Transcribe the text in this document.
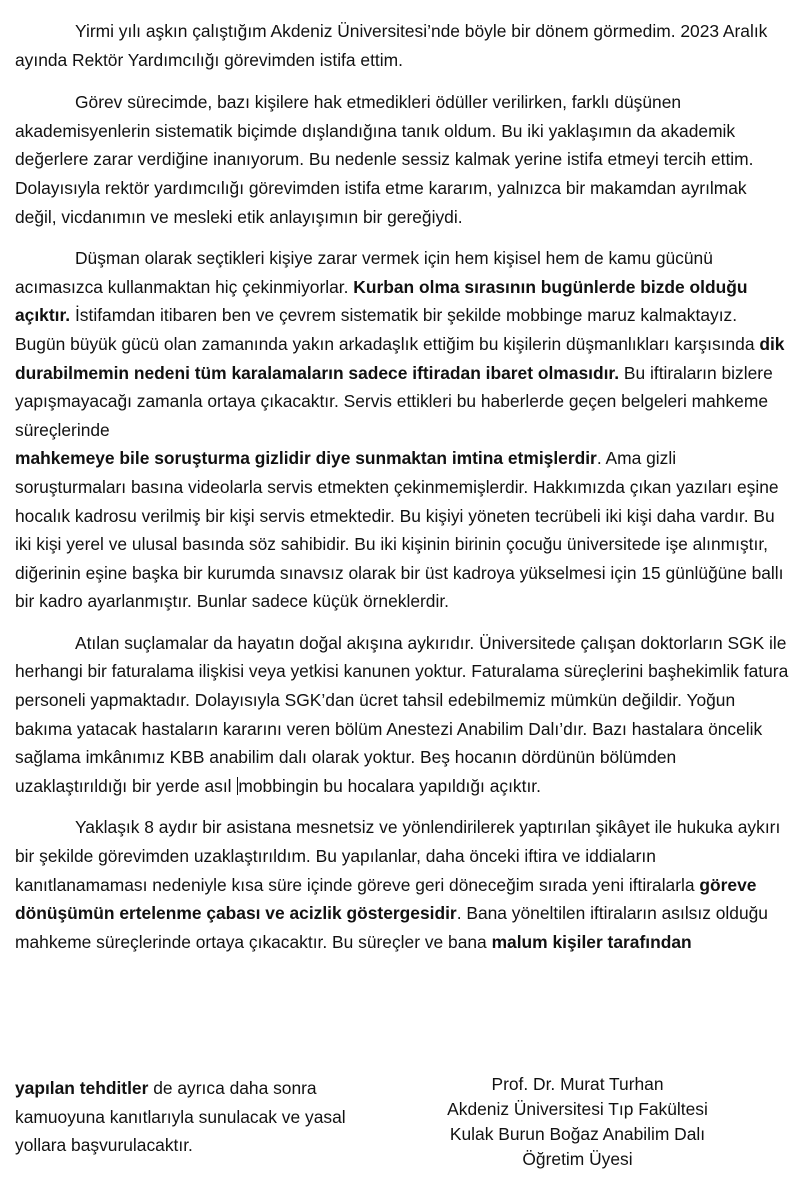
Yirmi yılı aşkın çalıştığım Akdeniz Üniversitesi’nde böyle bir dönem görmedim. 2023 Aralık ayında Rektör Yardımcılığı görevimden istifa ettim.

Görev sürecimde, bazı kişilere hak etmedikleri ödüller verilirken, farklı düşünen akademisyenlerin sistematik biçimde dışlandığına tanık oldum. Bu iki yaklaşımın da akademik değerlere zarar verdiğine inanıyorum. Bu nedenle sessiz kalmak yerine istifa etmeyi tercih ettim. Dolayısıyla rektör yardımcılığı görevimden istifa etme kararım, yalnızca bir makamdan ayrılmak değil, vicdanımın ve mesleki etik anlayışımın bir gereğiydi.

Düşman olarak seçtikleri kişiye zarar vermek için hem kişisel hem de kamu gücünü acımasızca kullanmaktan hiç çekinmiyorlar. Kurban olma sırasının bugünlerde bizde olduğu açıktır. İstifamdan itibaren ben ve çevrem sistematik bir şekilde mobbinge maruz kalmaktayız. Bugün büyük gücü olan zamanında yakın arkadaşlık ettiğim bu kişilerin düşmanlıkları karşısında dik durabilmemin nedeni tüm karalamaların sadece iftiradan ibaret olmasıdır. Bu iftiraların bizlere yapışmayacağı zamanla ortaya çıkacaktır. Servis ettikleri bu haberlerde geçen belgeleri mahkeme süreçlerinde
mahkemeye bile soruşturma gizlidir diye sunmaktan imtina etmişlerdir. Ama gizli soruşturmaları basına videolarla servis etmekten çekinmemişlerdir. Hakkımızda çıkan yazıları eşine hocalık kadrosu verilmiş bir kişi servis etmektedir. Bu kişiyi yöneten tecrübeli iki kişi daha vardır. Bu iki kişi yerel ve ulusal basında söz sahibidir. Bu iki kişinin birinin çocuğu üniversitede işe alınmıştır, diğerinin eşine başka bir kurumda sınavsız olarak bir üst kadroya yükselmesi için 15 günlüğüne ballı bir kadro ayarlanmıştır. Bunlar sadece küçük örneklerdir.

Atılan suçlamalar da hayatın doğal akışına aykırıdır. Üniversitede çalışan doktorların SGK ile herhangi bir faturalama ilişkisi veya yetkisi kanunen yoktur. Faturalama süreçlerini başhekimlik fatura personeli yapmaktadır. Dolayısıyla SGK’dan ücret tahsil edebilmemiz mümkün değildir. Yoğun bakıma yatacak hastaların kararını veren bölüm Anestezi Anabilim Dalı’dır. Bazı hastalara öncelik sağlama imkânımız KBB anabilim dalı olarak yoktur. Beş hocanın dördünün bölümden uzaklaştırıldığı bir yerde asıl mobbingin bu hocalara yapıldığı açıktır.

Yaklaşık 8 aydır bir asistana mesnetsiz ve yönlendirilerek yaptırılan şikâyet ile hukuka aykırı bir şekilde görevimden uzaklaştırıldım. Bu yapılanlar, daha önceki iftira ve iddiaların kanıtlanamaması nedeniyle kısa süre içinde göreve geri döneceğim sırada yeni iftiralarla göreve dönüşümün ertelenme çabası ve acizlik göstergesidir. Bana yöneltilen iftiraların asılsız olduğu mahkeme süreçlerinde ortaya çıkacaktır. Bu süreçler ve bana malum kişiler tarafından

yapılan tehditler de ayrıca daha sonra kamuoyuna kanıtlarıyla sunulacak ve yasal yollara başvurulacaktır.
Prof. Dr. Murat Turhan
Akdeniz Üniversitesi Tıp Fakültesi
Kulak Burun Boğaz Anabilim Dalı
Öğretim Üyesi
